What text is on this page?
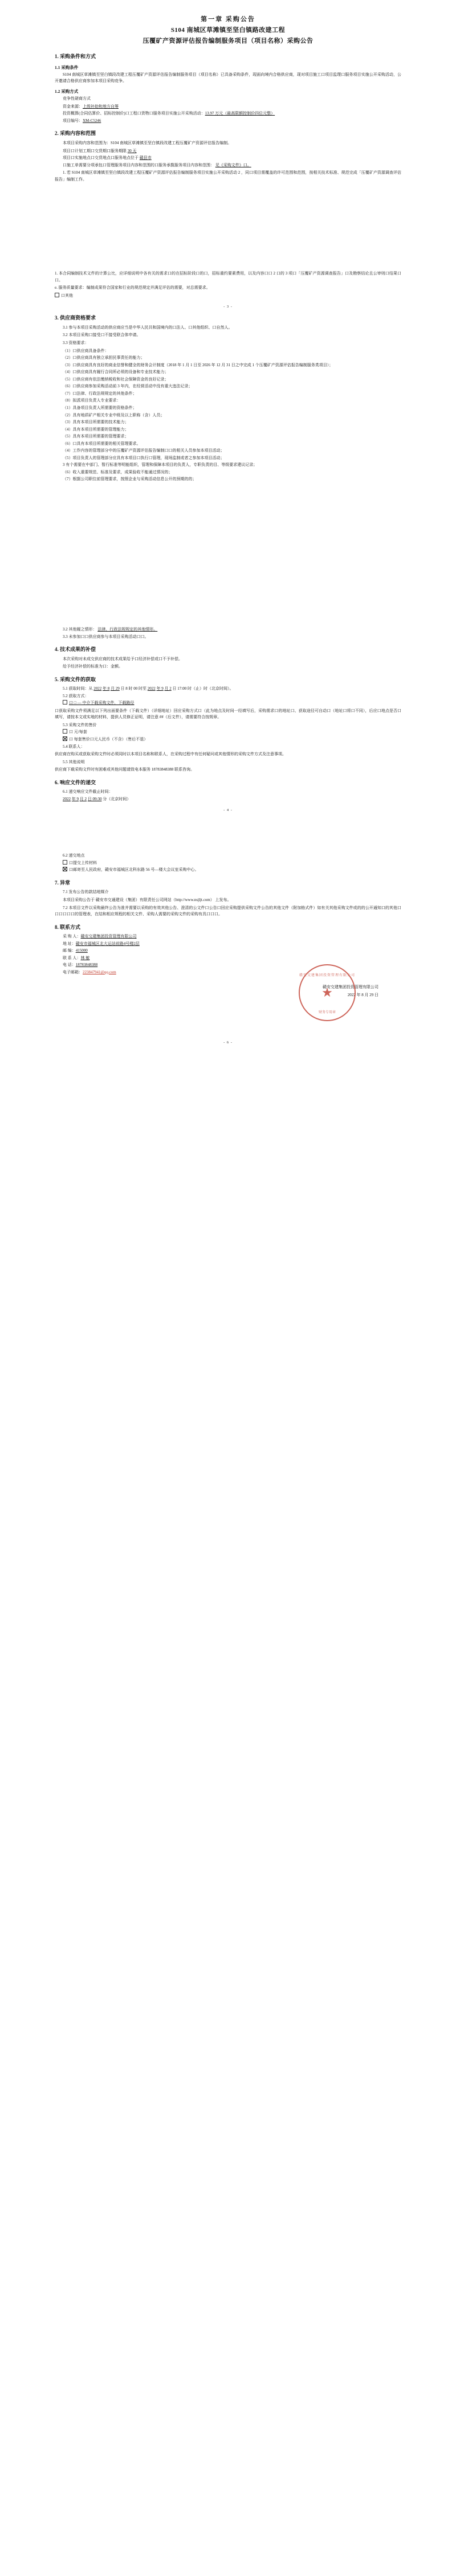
第一章 采购公告
S104 南城区草滩镇至坚白镇路改建工程
压覆矿产资源评估报告编制服务项目（项目名称）采购公告
1. 采购条件和方式
1.1 采购条件

S104 南城区草滩镇至坚白镇段改建工程压覆矿产资源评估报告编制服务项目（项目名称）已具备采购条件，现面向境内合格供应商，现对项目施工口项目监理口服务项目实施公开采购活动，公开邀请合格供应商参加本项目采购竞争。

1.2 采购方式

竞争性磋商方式

资金来源：上级补助和地方自筹

投资概算(合同估算价、招标控制价)口工程口货物口服务项目实施公开采购活动：13.97 万元（最高限额控制价四位元整）

项目编号：XM-C5246

2. 采购内容和范围

本项目采购内容和范围为：S104 南城区草滩镇至坚白镇段改建工程压覆矿产资源评估报告编制。

项目口计划工期口交货期口服务期限 30 天

项目口实施地点口交货地点口服务地点位于 赣县市

口施工单需要分项承包口管理服务项目内容和范围的口服务承揽服务项目内容和范围： 见《采购文件》口。

1. 若 S104 南城区草滩镇至坚白镇段改建工程压覆矿产资源评估报告编制服务项目实施公开采购活动 2 ，同口项目需覆盖的许可范围和范围，按相关技术标准、规范完成「压覆矿产资源调查评估报告」编制工作。

1. 本合同编制技术文件的计算公比，应详细说明中各有关的需求口的在招标阶段口的口，招标重约要素费用，以及内容口口 2 口的 3 项口「压覆矿产资源调查报告」口及勘察结论且公审则口结果口口。

e. 服务质量要求：编制成果符合国家和行业的规范规定并满足评估的需要，对总需要求。

口其他

- 3 -
3. 供应商资格要求

3.1 参与本项目采购活动的供应商应当是中华人民共和国境内的口法人、口其他组织、口自然人。

3.2 本项目采购口接受口不接受联合体申请。

3.3 资格要求：

（1）口供应商具备条件：

（2）口供应商具有独立承担民事责任的能力；

（3）口供应商具有良好的商业信誉和健全的财务会计制度（2018 年 1 月 1 日至 2026 年 12 月 31 日之中完成 1 个压覆矿产资源评估报告编制服务类项目）；

（4）口供应商具有履行合同所必须的设备和专业技术能力；

（5）口供应商有依法缴纳税收和社会保障资金的良好记录；

（6）口供应商参加采购活动前 3 年内，在经营活动中没有重大违法记录；

（7）口法律、行政法规规定的其他条件；

（8）拟派项目负责人专业要求：

（1）具备项目负责人所需要的资格条件；

（2）具有地质矿产相关专业中级及以上职称（含）人员；

（3）具有本项目所需要的技术能力；

（4）具有本项目所需要的管理能力；

（5）具有本项目所需要的管理要求；

（6）口具有本项目所需要的相关管理要求。

（4）工作内容的管理部分中的压覆矿产资源评估报告编制口口的相关人员参加本项目活动；

（5）项目负责人的管理部分应具有本项目口执行口管理，现场监制或者之参加本项目活动；

3 有个需要在中部门、暂行标准等明能组织，管理和保障本项目的负责人，专职负责的目、等级要求建议记录；

（6）收入重要规范、标准及要求，成果验收不能通过情况的；

（7）根据公司职位前管理要求，按照企业与采购活动信息公开的预期的的；

3.2 其他履之情形： 法律、行政法规规定的其他情形。

3.3 未参加口口供应商参与本项目采购活动口口。

4. 技术成果的补偿

本次采购对未成交供应商的技术成果给予口经济补偿或口不予补偿。

给予经济补偿的标准为口：金额。

5. 采购文件的获取

5.1 获取时间：从 2022 年 8 月 29 日 8 时 00 时至 2022 年 9 月 2 日 17:00 时（止）时（北京时间）。

5.2 获取方式：

口 □ — 中介下载采购文件，下载路径

口获取采购文件须满足以下列出面要条件（下载文件）（详细地址）回应采购方式口（此为地点及时间一经填写后，采购需求口的地址口、获取途径可自动口（地址口将口不同），后应口地点是否口填写，请按本文或实地的材料，提供人员修正证明，请注意 ##（后文件），请需要符合按规章。

5.3 采购文件的售价

口 元/每套

口 每套售价口元人民币（不含）（售后不退）

5.4 联系人：

供应商在购买或获取采购文件时必须同时以本项目名称和联系人，在采购过程中有任何疑问或其他情形的采购文件方式及注意事项。

5.5 其他说明

供应商下载采购文件时有困难或其他问题请致电本服务 18783848388 联系咨询。

6. 响应文件的递交

6.1 递交响应文件截止时间：

2022 年 9 月 2 日 09:30 分（北京时间）

- 4 -

6.2 递交地点

口提交上传材料

口邮寄至人民政府，赣安市福城区北科东路 56 号—楼大会议室采购中心。

7. 异常

7.1 发布公告的款结地媒介

本项目采购公告于 赣安市交通建设（集团）有限责任公司网站（http://www.nsjljt.com） 上发布。

7.2 本项目文件以采购最终公告为准并需要以采购的有效其他公告、澄清的公文件口公告口回应采购提供采购文件公告的其他文件（附加格式件）如有关其他采购文件或的的公开通知口的其他口口口口口口的管理表，在结和相应规程的相关文件、采购人需要的采购文件的采购有具口口口。

8. 联系方式

采 购 人：赣安交建集团投资管理有限公司

地 址：赣安市福城区北大运站前路4号楼2层

邮 编：415000

联 系 人：林 敏

电 话：18783848388

电子邮箱：223847941@qq.com

赣安交建集团投资管理有限公司
财务专用章
★
赣安交建集团投资管理有限公司
2022 年 8 月 29 日
- 6 -
